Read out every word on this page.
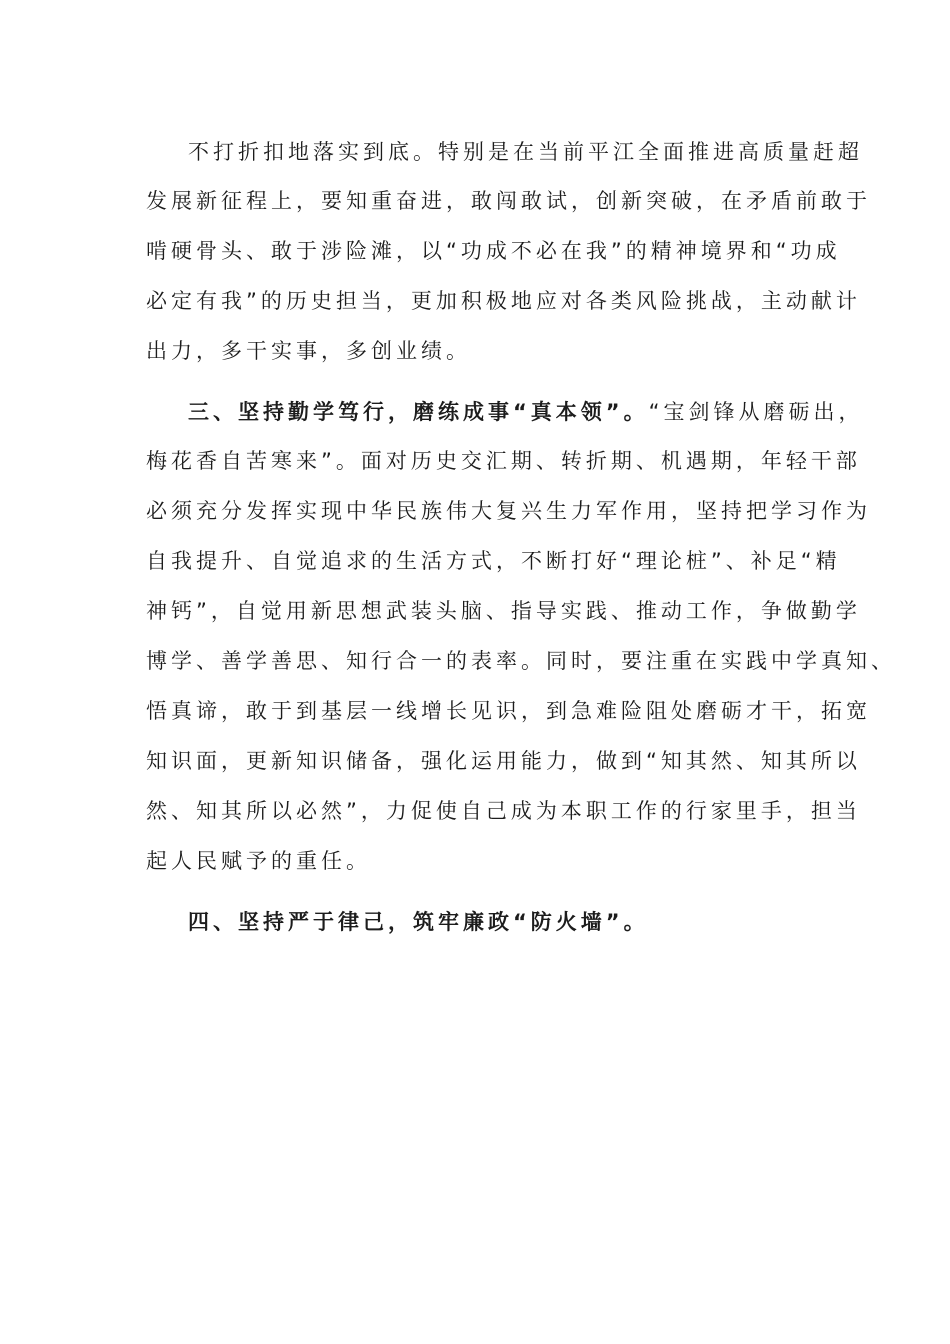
不打折扣地落实到底。特别是在当前平江全面推进高质量赶超
发展新征程上，要知重奋进，敢闯敢试，创新突破，在矛盾前敢于
啃硬骨头、敢于涉险滩，以“功成不必在我”的精神境界和“功成
必定有我”的历史担当，更加积极地应对各类风险挑战，主动献计
出力，多干实事，多创业绩。
三、坚持勤学笃行，磨练成事“真本领”。“宝剑锋从磨砺出，
梅花香自苦寒来”。面对历史交汇期、转折期、机遇期，年轻干部
必须充分发挥实现中华民族伟大复兴生力军作用，坚持把学习作为
自我提升、自觉追求的生活方式，不断打好“理论桩”、补足“精
神钙”，自觉用新思想武装头脑、指导实践、推动工作，争做勤学
博学、善学善思、知行合一的表率。同时，要注重在实践中学真知、
悟真谛，敢于到基层一线增长见识，到急难险阻处磨砺才干，拓宽
知识面，更新知识储备，强化运用能力，做到“知其然、知其所以
然、知其所以必然”，力促使自己成为本职工作的行家里手，担当
起人民赋予的重任。
四、坚持严于律己，筑牢廉政“防火墙”。
